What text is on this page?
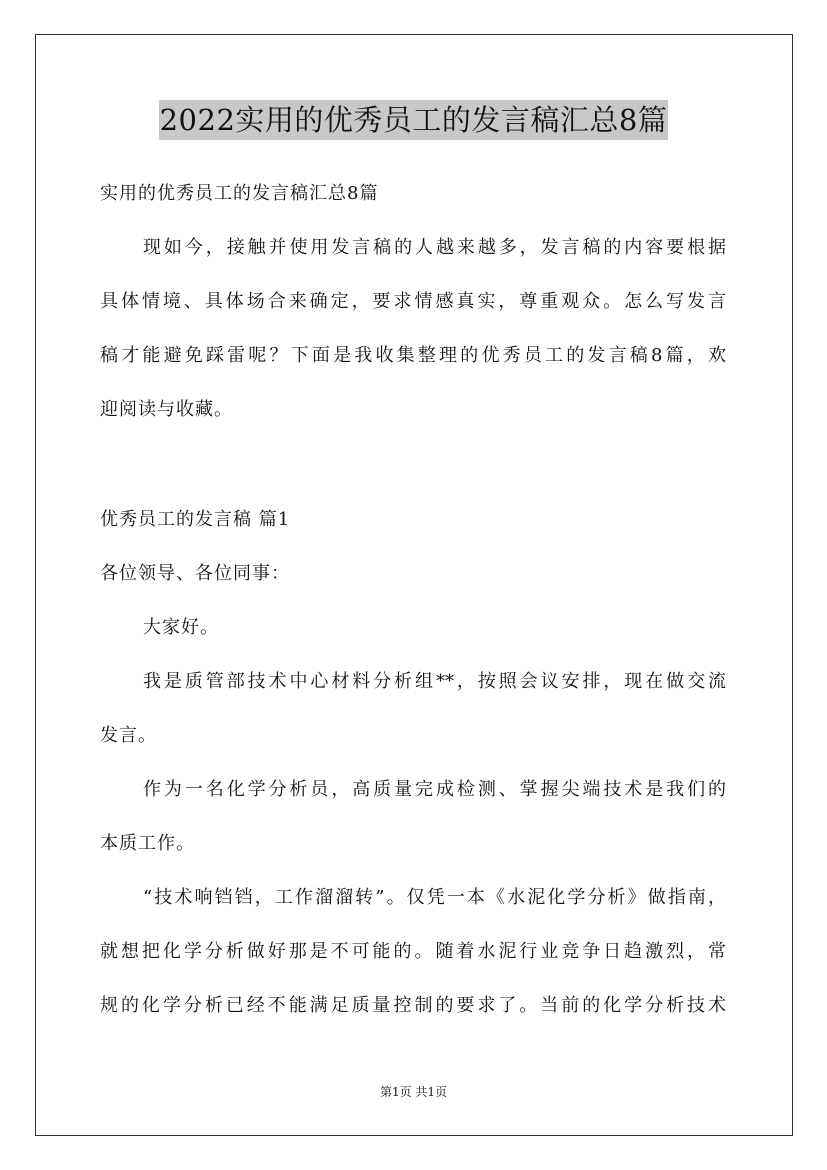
2022实用的优秀员工的发言稿汇总8篇
实用的优秀员工的发言稿汇总8篇
现如今，接触并使用发言稿的人越来越多，发言稿的内容要根据
具体情境、具体场合来确定，要求情感真实，尊重观众。怎么写发言
稿才能避免踩雷呢？下面是我收集整理的优秀员工的发言稿8篇，欢
迎阅读与收藏。
优秀员工的发言稿 篇1
各位领导、各位同事：
大家好。
我是质管部技术中心材料分析组**，按照会议安排，现在做交流
发言。
作为一名化学分析员，高质量完成检测、掌握尖端技术是我们的
本质工作。
“技术响铛铛，工作溜溜转”。仅凭一本《水泥化学分析》做指南，
就想把化学分析做好那是不可能的。随着水泥行业竞争日趋激烈，常
规的化学分析已经不能满足质量控制的要求了。当前的化学分析技术
第1页 共1页
